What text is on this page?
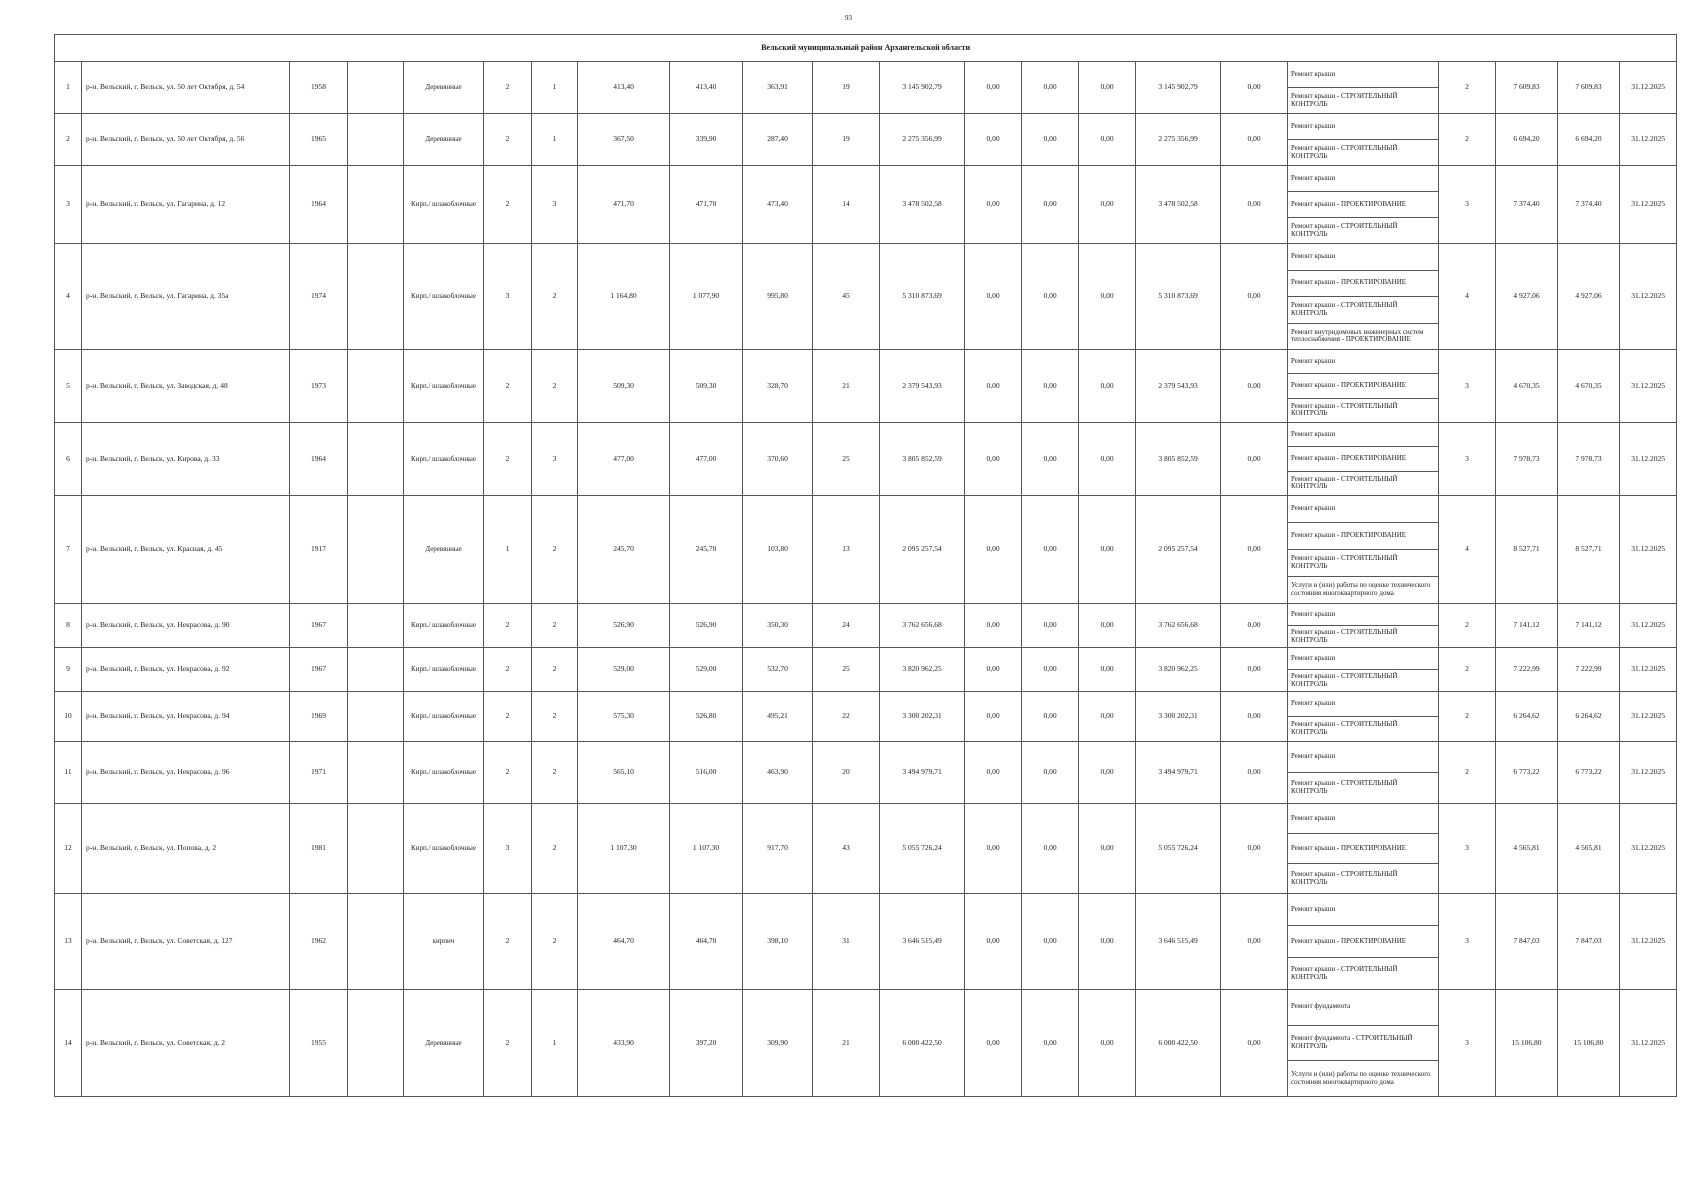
93
Вельский муниципальный район Архангельской области																					
1	р-н. Вельский, г. Вельск, ул. 50 лет Октября, д. 54	1958		Деревянные	2	1	413,40	413,40	363,91	19	3 145 902,79	0,00	0,00	0,00	3 145 902,79	0,00	Ремонт крыши
Ремонт крыши - СТРОИТЕЛЬНЫЙ КОНТРОЛЬ	2	7 609,83	7 609,83	31.12.2025
2	р-н. Вельский, г. Вельск, ул. 50 лет Октября, д. 56	1965		Деревянные	2	1	367,50	339,90	287,40	19	2 275 356,99	0,00	0,00	0,00	2 275 356,99	0,00	Ремонт крыши
Ремонт крыши - СТРОИТЕЛЬНЫЙ КОНТРОЛЬ	2	6 694,20	6 694,20	31.12.2025
3	р-н. Вельский, г. Вельск, ул. Гагарина, д. 12	1964		Кирп./ шлакоблочные	2	3	471,70	471,70	473,40	14	3 478 502,58	0,00	0,00	0,00	3 478 502,58	0,00	Ремонт крыши
Ремонт крыши - ПРОЕКТИРОВАНИЕ
Ремонт крыши - СТРОИТЕЛЬНЫЙ КОНТРОЛЬ	3	7 374,40	7 374,40	31.12.2025
4	р-н. Вельский, г. Вельск, ул. Гагарина, д. 35а	1974		Кирп./ шлакоблочные	3	2	1 164,80	1 077,90	995,80	45	5 310 873,69	0,00	0,00	0,00	5 310 873,69	0,00	Ремонт крыши
Ремонт крыши - ПРОЕКТИРОВАНИЕ
Ремонт крыши - СТРОИТЕЛЬНЫЙ КОНТРОЛЬ
Ремонт внутридомовых инженерных систем теплоснабжения - ПРОЕКТИРОВАНИЕ	4	4 927,06	4 927,06	31.12.2025
5	р-н. Вельский, г. Вельск, ул. Заводская, д. 48	1973		Кирп./ шлакоблочные	2	2	509,30	509,30	328,70	21	2 379 543,93	0,00	0,00	0,00	2 379 543,93	0,00	Ремонт крыши
Ремонт крыши - ПРОЕКТИРОВАНИЕ
Ремонт крыши - СТРОИТЕЛЬНЫЙ КОНТРОЛЬ	3	4 670,35	4 670,35	31.12.2025
6	р-н. Вельский, г. Вельск, ул. Кирова, д. 33	1964		Кирп./ шлакоблочные	2	3	477,00	477,00	370,60	25	3 805 852,59	0,00	0,00	0,00	3 805 852,59	0,00	Ремонт крыши
Ремонт крыши - ПРОЕКТИРОВАНИЕ
Ремонт крыши - СТРОИТЕЛЬНЫЙ КОНТРОЛЬ	3	7 978,73	7 978,73	31.12.2025
7	р-н. Вельский, г. Вельск, ул. Красная, д. 45	1917		Деревянные	1	2	245,70	245,70	103,80	13	2 095 257,54	0,00	0,00	0,00	2 095 257,54	0,00	Ремонт крыши
Ремонт крыши - ПРОЕКТИРОВАНИЕ
Ремонт крыши - СТРОИТЕЛЬНЫЙ КОНТРОЛЬ
Услуги и (или) работы по оценке технического состояния многоквартирного дома	4	8 527,71	8 527,71	31.12.2025
8	р-н. Вельский, г. Вельск, ул. Некрасова, д. 90	1967		Кирп./ шлакоблочные	2	2	526,90	526,90	350,30	24	3 762 656,68	0,00	0,00	0,00	3 762 656,68	0,00	Ремонт крыши
Ремонт крыши - СТРОИТЕЛЬНЫЙ КОНТРОЛЬ	2	7 141,12	7 141,12	31.12.2025
9	р-н. Вельский, г. Вельск, ул. Некрасова, д. 92	1967		Кирп./ шлакоблочные	2	2	529,00	529,00	532,70	25	3 820 962,25	0,00	0,00	0,00	3 820 962,25	0,00	Ремонт крыши
Ремонт крыши - СТРОИТЕЛЬНЫЙ КОНТРОЛЬ	2	7 222,99	7 222,99	31.12.2025
10	р-н. Вельский, г. Вельск, ул. Некрасова, д. 94	1969		Кирп./ шлакоблочные	2	2	575,30	526,80	495,21	22	3 300 202,31	0,00	0,00	0,00	3 300 202,31	0,00	Ремонт крыши
Ремонт крыши - СТРОИТЕЛЬНЫЙ КОНТРОЛЬ	2	6 264,62	6 264,62	31.12.2025
11	р-н. Вельский, г. Вельск, ул. Некрасова, д. 96	1971		Кирп./ шлакоблочные	2	2	565,10	516,00	463,90	20	3 494 979,71	0,00	0,00	0,00	3 494 979,71	0,00	Ремонт крыши
Ремонт крыши - СТРОИТЕЛЬНЫЙ КОНТРОЛЬ	2	6 773,22	6 773,22	31.12.2025
12	р-н. Вельский, г. Вельск, ул. Попова, д. 2	1981		Кирп./ шлакоблочные	3	2	1 107,30	1 107,30	917,70	43	5 055 726,24	0,00	0,00	0,00	5 055 726,24	0,00	Ремонт крыши
Ремонт крыши - ПРОЕКТИРОВАНИЕ
Ремонт крыши - СТРОИТЕЛЬНЫЙ КОНТРОЛЬ	3	4 565,81	4 565,81	31.12.2025
13	р-н. Вельский, г. Вельск, ул. Советская, д. 127	1962		кирпич	2	2	464,70	464,70	398,10	31	3 646 515,49	0,00	0,00	0,00	3 646 515,49	0,00	Ремонт крыши
Ремонт крыши - ПРОЕКТИРОВАНИЕ
Ремонт крыши - СТРОИТЕЛЬНЫЙ КОНТРОЛЬ	3	7 847,03	7 847,03	31.12.2025
14	р-н. Вельский, г. Вельск, ул. Советская, д. 2	1955		Деревянные	2	1	433,90	397,20	309,90	21	6 000 422,50	0,00	0,00	0,00	6 000 422,50	0,00	Ремонт фундамента
Ремонт фундамента - СТРОИТЕЛЬНЫЙ КОНТРОЛЬ
Услуги и (или) работы по оценке технического состояния многоквартирного дома	3	15 106,80	15 106,80	31.12.2025
